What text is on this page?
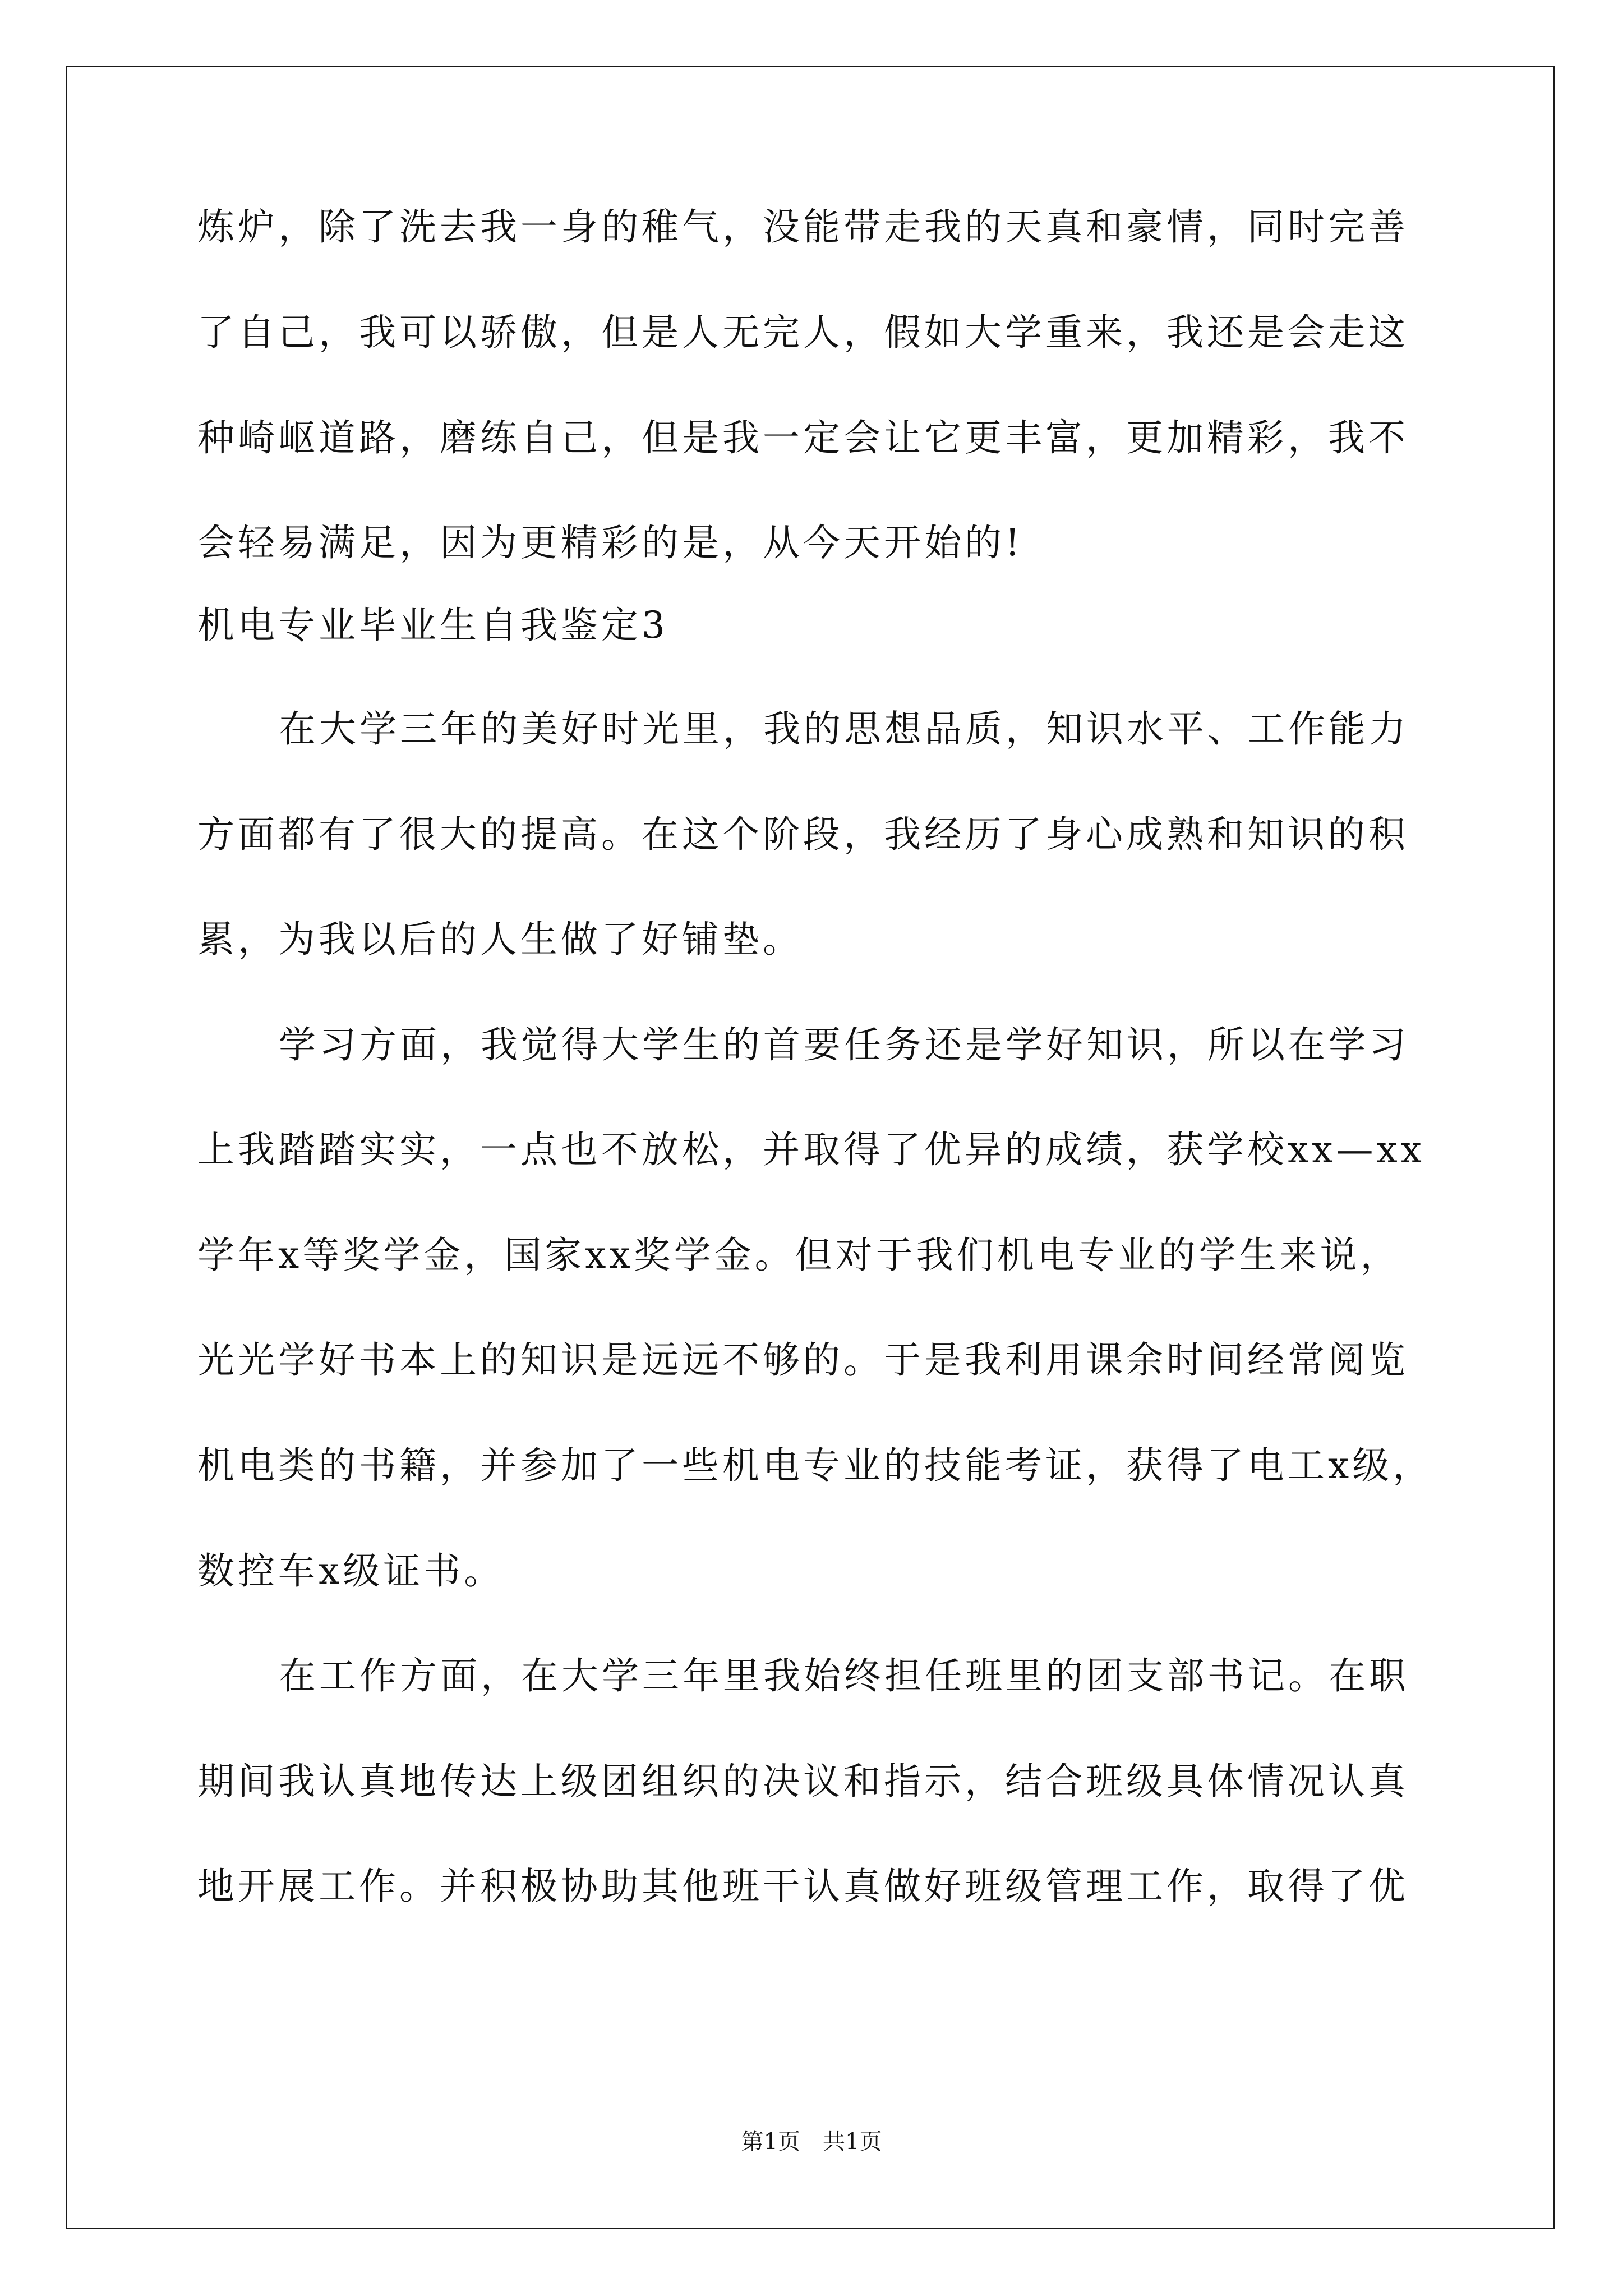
炼炉，除了洗去我一身的稚气，没能带走我的天真和豪情，同时完善
了自己，我可以骄傲，但是人无完人，假如大学重来，我还是会走这
种崎岖道路，磨练自己，但是我一定会让它更丰富，更加精彩，我不
会轻易满足，因为更精彩的是，从今天开始的!
机电专业毕业生自我鉴定3
在大学三年的美好时光里，我的思想品质，知识水平、工作能力
方面都有了很大的提高。在这个阶段，我经历了身心成熟和知识的积
累，为我以后的人生做了好铺垫。
学习方面，我觉得大学生的首要任务还是学好知识，所以在学习
上我踏踏实实，一点也不放松，并取得了优异的成绩，获学校xx—xx
学年x等奖学金，国家xx奖学金。但对于我们机电专业的学生来说，
光光学好书本上的知识是远远不够的。于是我利用课余时间经常阅览
机电类的书籍，并参加了一些机电专业的技能考证，获得了电工x级，
数控车x级证书。
在工作方面，在大学三年里我始终担任班里的团支部书记。在职
期间我认真地传达上级团组织的决议和指示，结合班级具体情况认真
地开展工作。并积极协助其他班干认真做好班级管理工作，取得了优
第1页　共1页
